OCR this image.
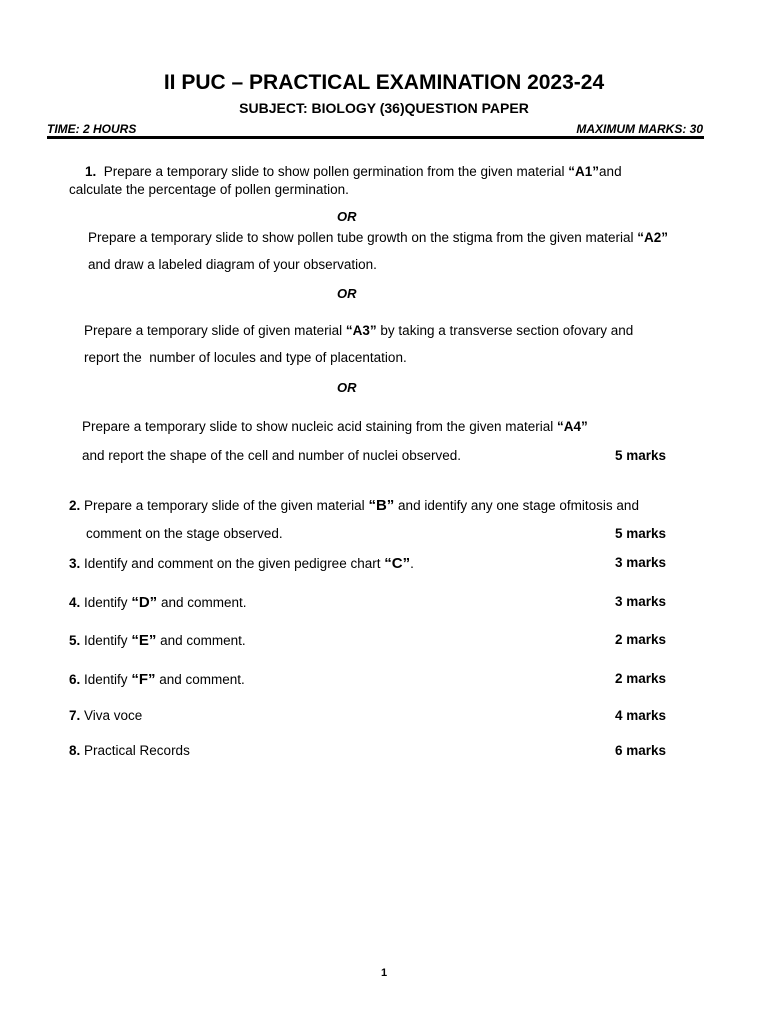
II PUC – PRACTICAL EXAMINATION 2023-24
SUBJECT: BIOLOGY (36)QUESTION PAPER
TIME: 2 HOURS	MAXIMUM MARKS: 30
1. Prepare a temporary slide to show pollen germination from the given material “A1”and
calculate the percentage of pollen germination.
OR
Prepare a temporary slide to show pollen tube growth on the stigma from the given material “A2”
and draw a labeled diagram of your observation.
OR
Prepare a temporary slide of given material “A3” by taking a transverse section ofovary and
report the  number of locules and type of placentation.
OR
Prepare a temporary slide to show nucleic acid staining from the given material “A4”
and report the shape of the cell and number of nuclei observed.	5 marks
2. Prepare a temporary slide of the given material “B” and identify any one stage ofmitosis and
comment on the stage observed.	5 marks
3. Identify and comment on the given pedigree chart “C”.	3 marks
4. Identify “D” and comment.	3 marks
5. Identify “E” and comment.	2 marks
6. Identify “F” and comment.	2 marks
7. Viva voce	4 marks
8. Practical Records	6 marks
1
